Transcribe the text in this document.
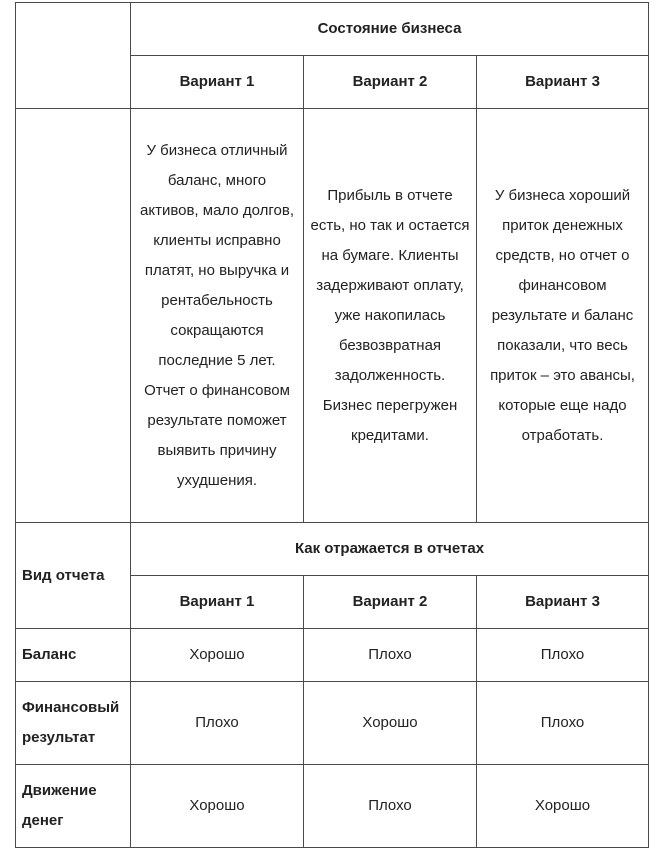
	Состояние бизнеса		
	Вариант 1	Вариант 2	Вариант 3
	У бизнеса отличный баланс, много активов, мало долгов, клиенты исправно платят, но выручка и рентабельность сокращаются последние 5 лет. Отчет о финансовом результате поможет выявить причину ухудшения.	Прибыль в отчете есть, но так и остается на бумаге. Клиенты задерживают оплату, уже накопилась безвозвратная задолженность. Бизнес перегружен кредитами.	У бизнеса хороший приток денежных средств, но отчет о финансовом результате и баланс показали, что весь приток – это авансы, которые еще надо отработать.
Вид отчета	Как отражается в отчетах		
	Вариант 1	Вариант 2	Вариант 3
Баланс	Хорошо	Плохо	Плохо
Финансовый результат	Плохо	Хорошо	Плохо
Движение денег	Хорошо	Плохо	Хорошо
